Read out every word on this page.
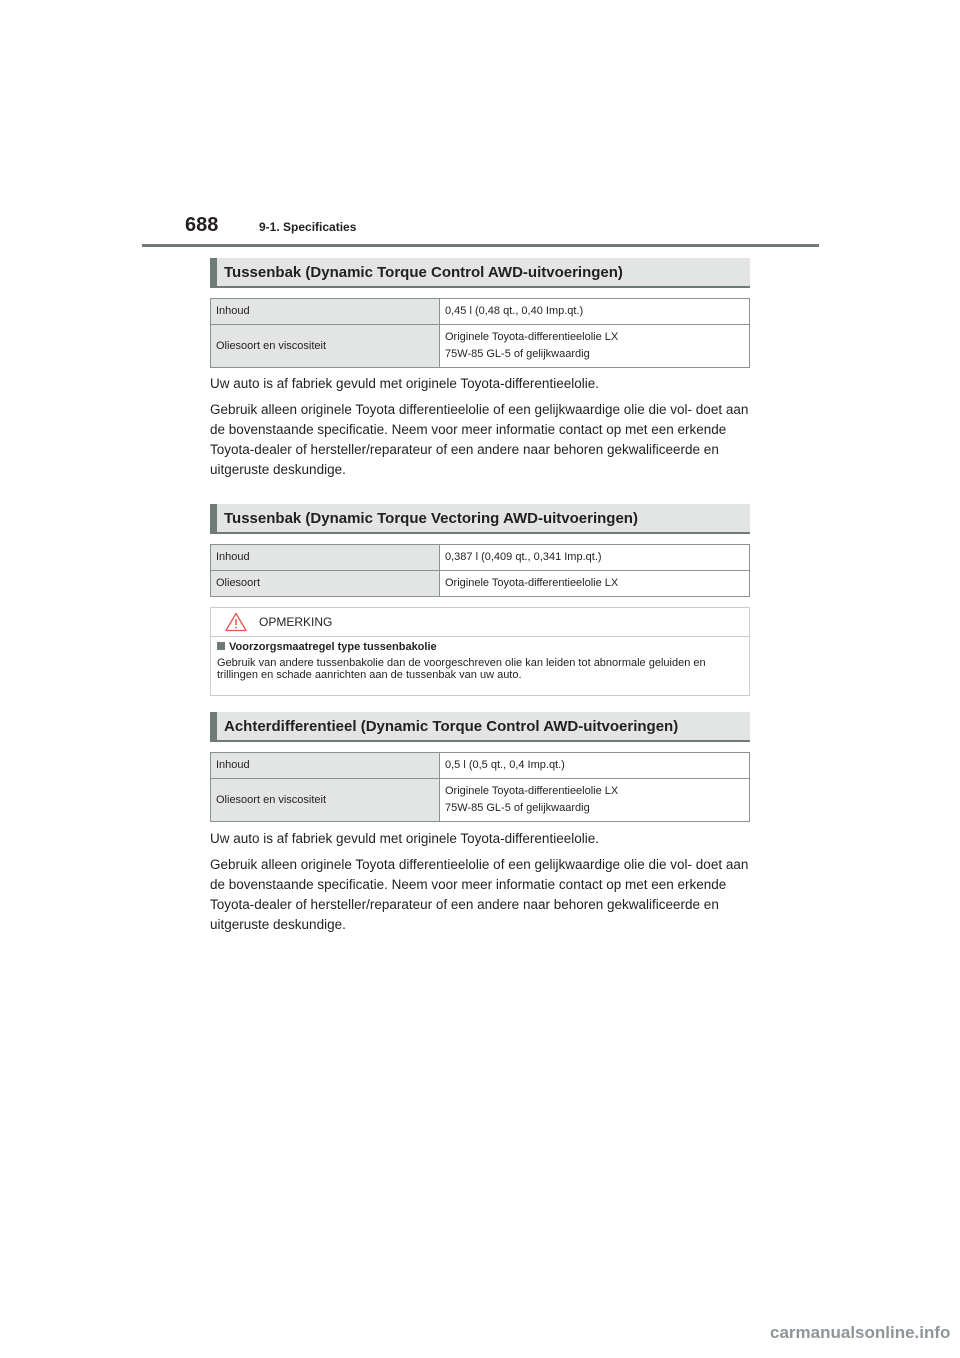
688	9-1. Specificaties
Tussenbak (Dynamic Torque Control AWD-uitvoeringen)
Inhoud	0,45 l (0,48 qt., 0,40 Imp.qt.)

Oliesoort en viscositeit	Originele Toyota-differentieelolie LX
75W-85 GL-5 of gelijkwaardig

Uw auto is af fabriek gevuld met originele Toyota-differentieelolie.

Gebruik alleen originele Toyota differentieelolie of een gelijkwaardige olie die vol- doet aan de bovenstaande specificatie. Neem voor meer informatie contact op met een erkende Toyota-dealer of hersteller/reparateur of een andere naar behoren gekwalificeerde en uitgeruste deskundige.

Tussenbak (Dynamic Torque Vectoring AWD-uitvoeringen)
Inhoud	0,387 l (0,409 qt., 0,341 Imp.qt.)

Oliesoort	Originele Toyota-differentieelolie LX
OPMERKING
Voorzorgsmaatregel type tussenbakolie
Gebruik van andere tussenbakolie dan de voorgeschreven olie kan leiden tot abnormale geluiden en trillingen en schade aanrichten aan de tussenbak van uw auto.
Achterdifferentieel (Dynamic Torque Control AWD-uitvoeringen)
Inhoud	0,5 l (0,5 qt., 0,4 Imp.qt.)

Oliesoort en viscositeit	Originele Toyota-differentieelolie LX
75W-85 GL-5 of gelijkwaardig

Uw auto is af fabriek gevuld met originele Toyota-differentieelolie.

Gebruik alleen originele Toyota differentieelolie of een gelijkwaardige olie die vol- doet aan de bovenstaande specificatie. Neem voor meer informatie contact op met een erkende Toyota-dealer of hersteller/reparateur of een andere naar behoren gekwalificeerde en uitgeruste deskundige.

carmanualsonline.info
